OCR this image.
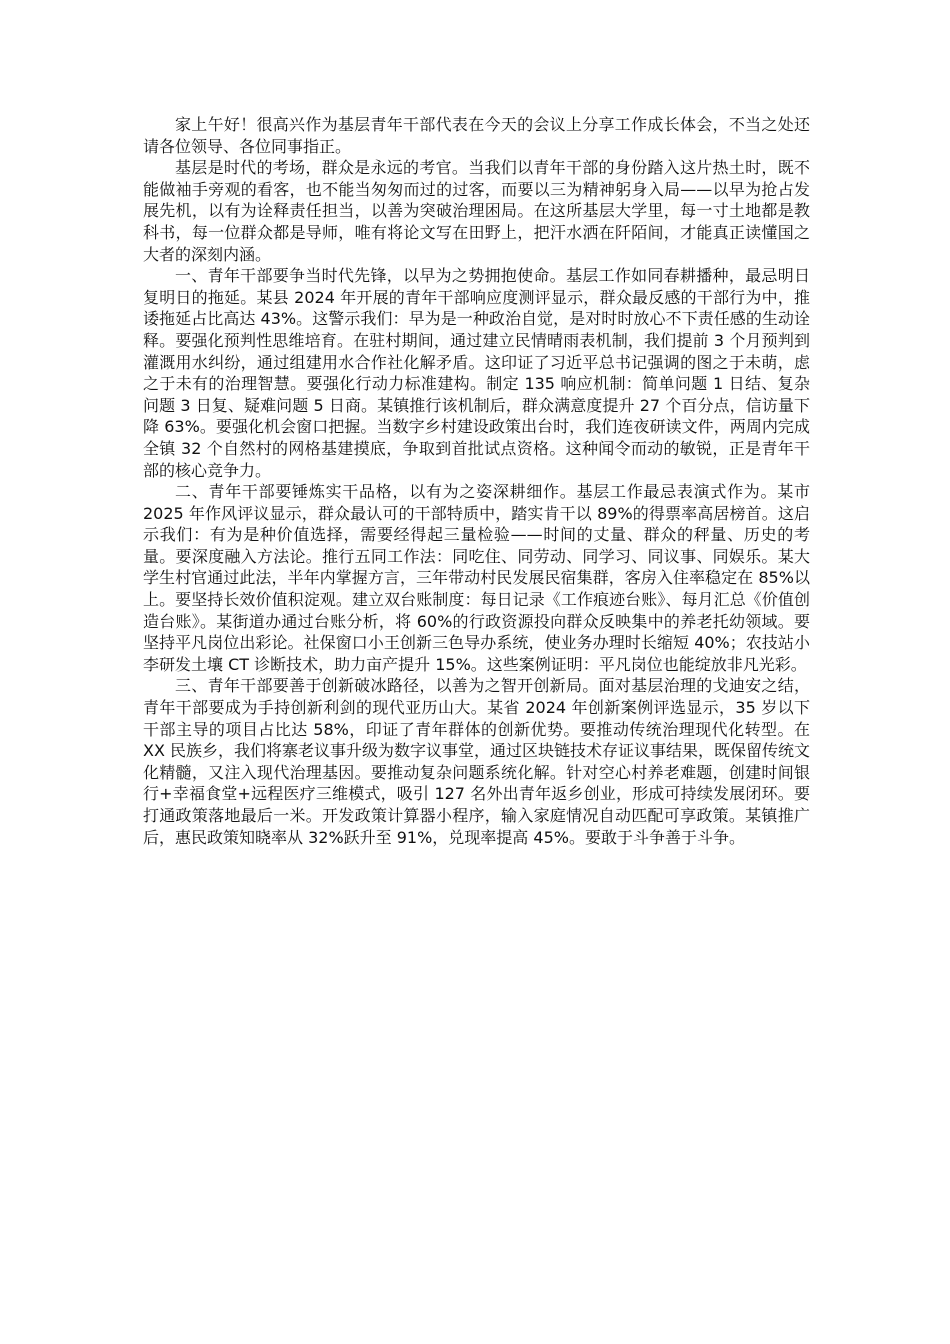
家上午好！很高兴作为基层青年干部代表在今天的会议上分享工作成长体会，不当之处还请各位领导、各位同事指正。

基层是时代的考场，群众是永远的考官。当我们以青年干部的身份踏入这片热土时，既不能做袖手旁观的看客，也不能当匆匆而过的过客，而要以三为精神躬身入局——以早为抢占发展先机，以有为诠释责任担当，以善为突破治理困局。在这所基层大学里，每一寸土地都是教科书，每一位群众都是导师，唯有将论文写在田野上，把汗水洒在阡陌间，才能真正读懂国之大者的深刻内涵。

一、青年干部要争当时代先锋，以早为之势拥抱使命。基层工作如同春耕播种，最忌明日复明日的拖延。某县 2024 年开展的青年干部响应度测评显示，群众最反感的干部行为中，推诿拖延占比高达 43%。这警示我们：早为是一种政治自觉，是对时时放心不下责任感的生动诠释。要强化预判性思维培育。在驻村期间，通过建立民情晴雨表机制，我们提前 3 个月预判到灌溉用水纠纷，通过组建用水合作社化解矛盾。这印证了习近平总书记强调的图之于未萌，虑之于未有的治理智慧。要强化行动力标准建构。制定 135 响应机制：简单问题 1 日结、复杂问题 3 日复、疑难问题 5 日商。某镇推行该机制后，群众满意度提升 27 个百分点，信访量下降 63%。要强化机会窗口把握。当数字乡村建设政策出台时，我们连夜研读文件，两周内完成全镇 32 个自然村的网格基建摸底，争取到首批试点资格。这种闻令而动的敏锐，正是青年干部的核心竞争力。

二、青年干部要锤炼实干品格，以有为之姿深耕细作。基层工作最忌表演式作为。某市 2025 年作风评议显示，群众最认可的干部特质中，踏实肯干以 89%的得票率高居榜首。这启示我们：有为是种价值选择，需要经得起三量检验——时间的丈量、群众的秤量、历史的考量。要深度融入方法论。推行五同工作法：同吃住、同劳动、同学习、同议事、同娱乐。某大学生村官通过此法，半年内掌握方言，三年带动村民发展民宿集群，客房入住率稳定在 85%以上。要坚持长效价值积淀观。建立双台账制度：每日记录《工作痕迹台账》、每月汇总《价值创造台账》。某街道办通过台账分析，将 60%的行政资源投向群众反映集中的养老托幼领域。要坚持平凡岗位出彩论。社保窗口小王创新三色导办系统，使业务办理时长缩短 40%；农技站小李研发土壤 CT 诊断技术，助力亩产提升 15%。这些案例证明：平凡岗位也能绽放非凡光彩。

三、青年干部要善于创新破冰路径，以善为之智开创新局。面对基层治理的戈迪安之结，青年干部要成为手持创新利剑的现代亚历山大。某省 2024 年创新案例评选显示，35 岁以下干部主导的项目占比达 58%，印证了青年群体的创新优势。要推动传统治理现代化转型。在 XX 民族乡，我们将寨老议事升级为数字议事堂，通过区块链技术存证议事结果，既保留传统文化精髓，又注入现代治理基因。要推动复杂问题系统化解。针对空心村养老难题，创建时间银行+幸福食堂+远程医疗三维模式，吸引 127 名外出青年返乡创业，形成可持续发展闭环。要打通政策落地最后一米。开发政策计算器小程序，输入家庭情况自动匹配可享政策。某镇推广后，惠民政策知晓率从 32%跃升至 91%，兑现率提高 45%。要敢于斗争善于斗争。
